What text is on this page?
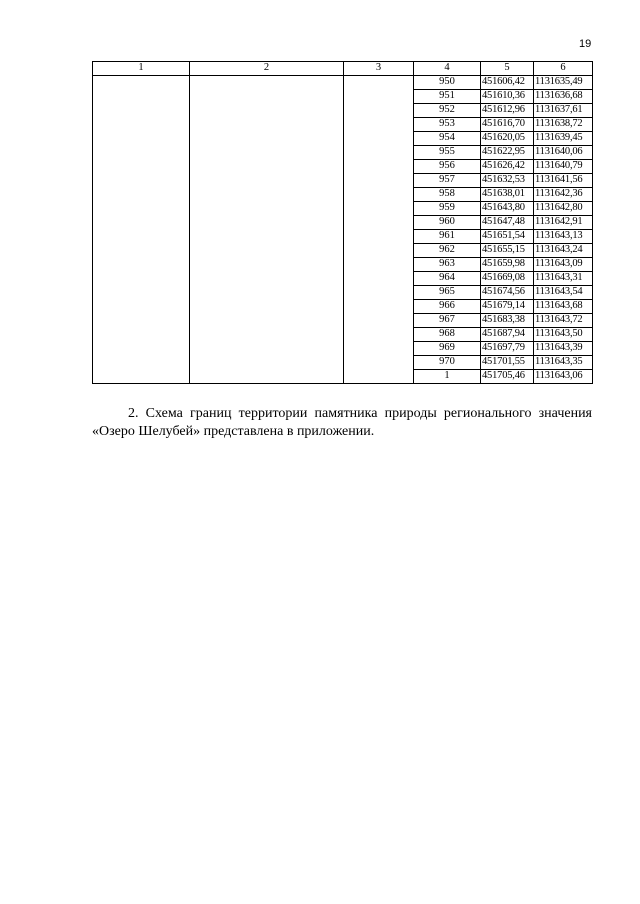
19
1	2	3	4	5	6
			950	451606,42	1131635,49
			951	451610,36	1131636,68
			952	451612,96	1131637,61
			953	451616,70	1131638,72
			954	451620,05	1131639,45
			955	451622,95	1131640,06
			956	451626,42	1131640,79
			957	451632,53	1131641,56
			958	451638,01	1131642,36
			959	451643,80	1131642,80
			960	451647,48	1131642,91
			961	451651,54	1131643,13
			962	451655,15	1131643,24
			963	451659,98	1131643,09
			964	451669,08	1131643,31
			965	451674,56	1131643,54
			966	451679,14	1131643,68
			967	451683,38	1131643,72
			968	451687,94	1131643,50
			969	451697,79	1131643,39
			970	451701,55	1131643,35
			1	451705,46	1131643,06

2. Схема границ территории памятника природы регионального значения «Озеро Шелубей» представлена в приложении.
